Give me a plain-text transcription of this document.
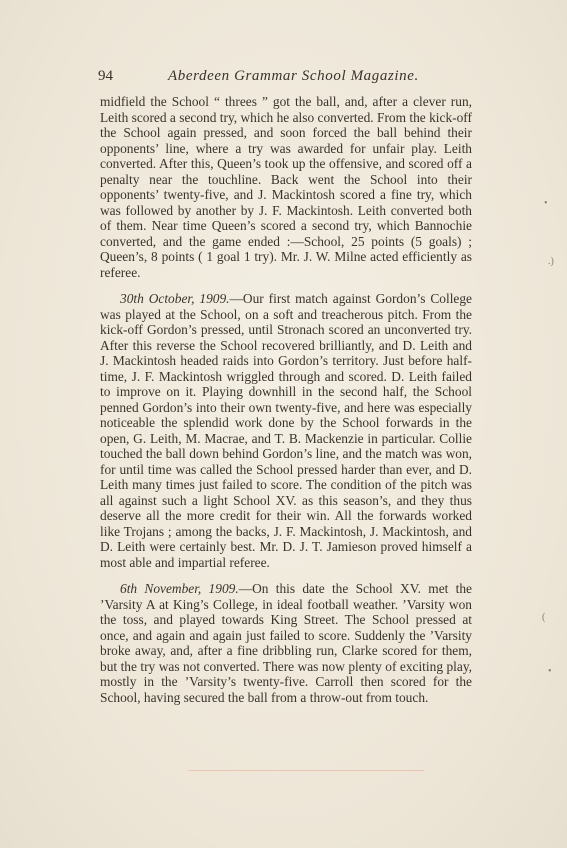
94	Aberdeen Grammar School Magazine.

midfield the School “ threes ” got the ball, and, after a clever run, Leith scored a second try, which he also converted. From the kick-off the School again pressed, and soon forced the ball behind their opponents’ line, where a try was awarded for unfair play. Leith converted. After this, Queen’s took up the offensive, and scored off a penalty near the touchline. Back went the School into their opponents’ twenty-five, and J. Mackintosh scored a fine try, which was followed by another by J. F. Mackintosh. Leith converted both of them. Near time Queen’s scored a second try, which Bannochie converted, and the game ended :—School, 25 points (5 goals) ; Queen’s, 8 points ( 1 goal 1 try). Mr. J. W. Milne acted efficiently as referee.

30th October, 1909.—Our first match against Gordon’s College was played at the School, on a soft and treacherous pitch. From the kick-off Gordon’s pressed, until Stronach scored an unconverted try. After this reverse the School recovered brilliantly, and D. Leith and J. Mackintosh headed raids into Gordon’s territory. Just before half-time, J. F. Mackintosh wriggled through and scored. D. Leith failed to improve on it. Playing downhill in the second half, the School penned Gordon’s into their own twenty-five, and here was especially noticeable the splendid work done by the School forwards in the open, G. Leith, M. Macrae, and T. B. Mackenzie in particular. Collie touched the ball down behind Gordon’s line, and the match was won, for until time was called the School pressed harder than ever, and D. Leith many times just failed to score. The condition of the pitch was all against such a light School XV. as this season’s, and they thus deserve all the more credit for their win. All the forwards worked like Trojans ; among the backs, J. F. Mackintosh, J. Mackintosh, and D. Leith were certainly best. Mr. D. J. T. Jamieson proved himself a most able and impartial referee.

6th November, 1909.—On this date the School XV. met the ’Varsity A at King’s College, in ideal football weather. ’Varsity won the toss, and played towards King Street. The School pressed at once, and again and again just failed to score. Suddenly the ’Varsity broke away, and, after a fine dribbling run, Clarke scored for them, but the try was not converted. There was now plenty of exciting play, mostly in the ’Varsity’s twenty-five. Carroll then scored for the School, having secured the ball from a throw-out from touch.

•
.)
(
•
